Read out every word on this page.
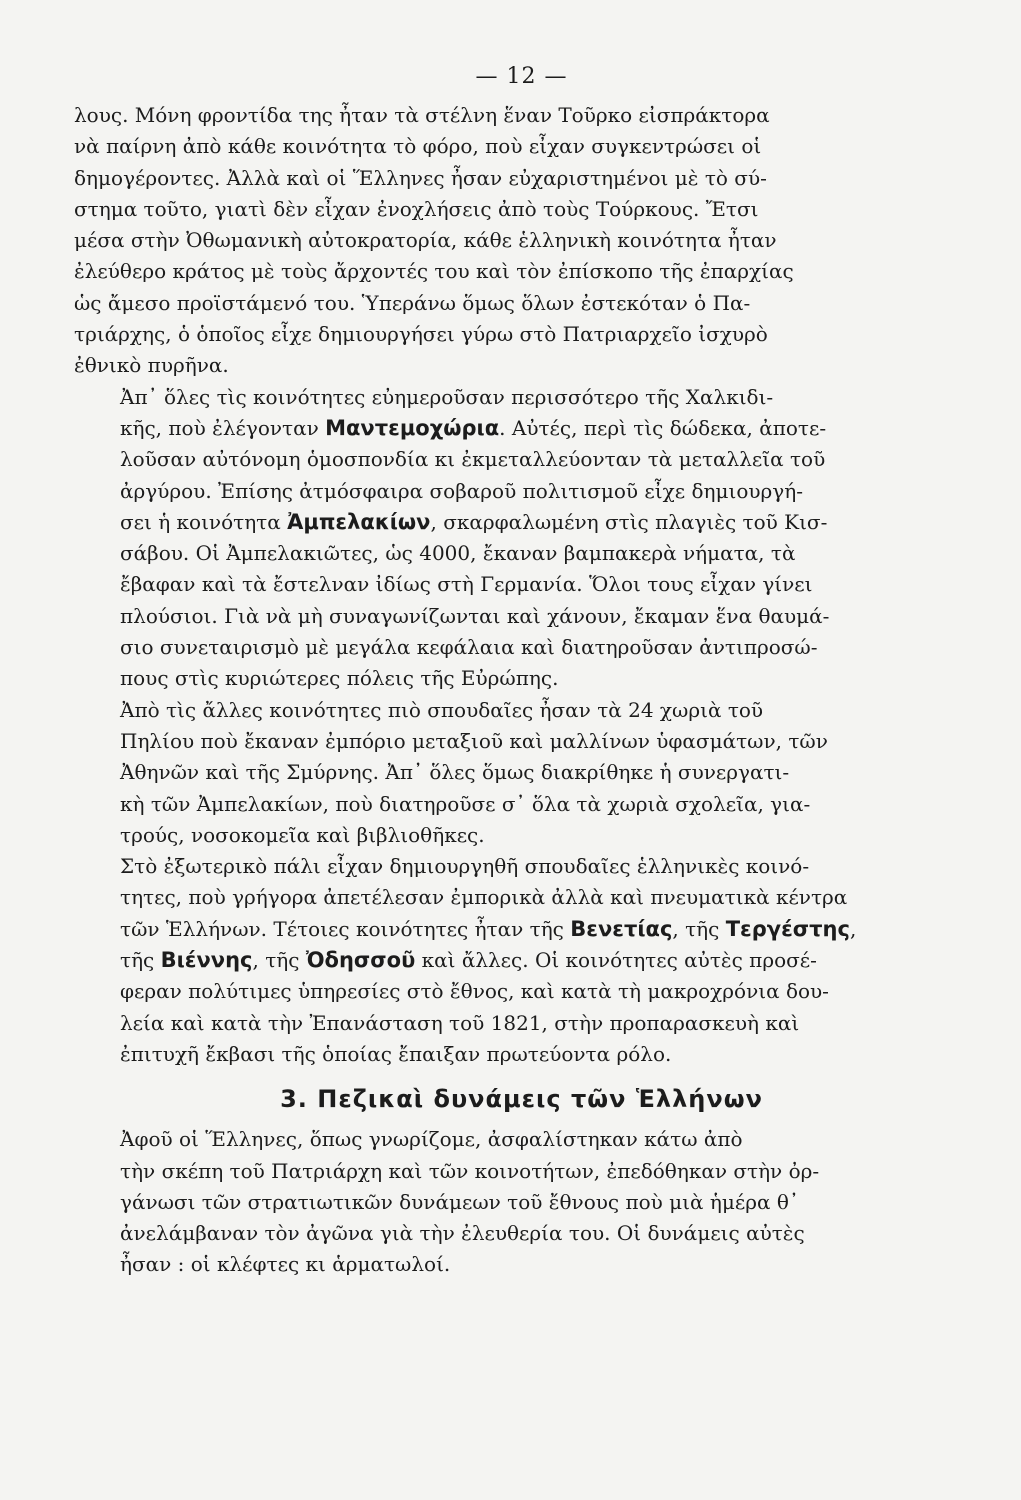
— 12 —

λους. Μόνη φροντίδα της ἦταν τὰ στέλνη ἕναν Τοῦρκο εἰσπράκτορα
νὰ παίρνη ἀπὸ κάθε κοινότητα τὸ φόρο, ποὺ εἶχαν συγκεντρώσει οἱ
δημογέροντες. Ἀλλὰ καὶ οἱ Ἕλληνες ἦσαν εὐχαριστημένοι μὲ τὸ σύ-
στημα τοῦτο, γιατὶ δὲν εἶχαν ἐνοχλήσεις ἀπὸ τοὺς Τούρκους. Ἔτσι
μέσα στὴν Ὀθωμανικὴ αὐτοκρατορία, κάθε ἑλληνικὴ κοινότητα ἦταν
ἐλεύθερο κράτος μὲ τοὺς ἄρχοντές του καὶ τὸν ἐπίσκοπο τῆς ἐπαρχίας
ὡς ἄμεσο προϊστάμενό του. Ὑπεράνω ὅμως ὅλων ἐστεκόταν ὁ Πα-
τριάρχης, ὁ ὁποῖος εἶχε δημιουργήσει γύρω στὸ Πατριαρχεῖο ἰσχυρὸ
ἐθνικὸ πυρῆνα.

Ἀπ᾽ ὅλες τὶς κοινότητες εὐημεροῦσαν περισσότερο τῆς Χαλκιδι-
κῆς, ποὺ ἐλέγονταν Μαντεμοχώρια. Αὐτές, περὶ τὶς δώδεκα, ἀποτε-
λοῦσαν αὐτόνομη ὁμοσπονδία κι ἐκμεταλλεύονταν τὰ μεταλλεῖα τοῦ
ἀργύρου. Ἐπίσης ἀτμόσφαιρα σοβαροῦ πολιτισμοῦ εἶχε δημιουργή-
σει ἡ κοινότητα Ἀμπελακίων, σκαρφαλωμένη στὶς πλαγιὲς τοῦ Κισ-
σάβου. Οἱ Ἀμπελακιῶτες, ὡς 4000, ἔκαναν βαμπακερὰ νήματα, τὰ
ἔβαφαν καὶ τὰ ἔστελναν ἰδίως στὴ Γερμανία. Ὅλοι τους εἶχαν γίνει
πλούσιοι. Γιὰ νὰ μὴ συναγωνίζωνται καὶ χάνουν, ἔκαμαν ἕνα θαυμά-
σιο συνεταιρισμὸ μὲ μεγάλα κεφάλαια καὶ διατηροῦσαν ἀντιπροσώ-
πους στὶς κυριώτερες πόλεις τῆς Εὐρώπης.

Ἀπὸ τὶς ἄλλες κοινότητες πιὸ σπουδαῖες ἦσαν τὰ 24 χωριὰ τοῦ
Πηλίου ποὺ ἔκαναν ἐμπόριο μεταξιοῦ καὶ μαλλίνων ὑφασμάτων, τῶν
Ἀθηνῶν καὶ τῆς Σμύρνης. Ἀπ᾽ ὅλες ὅμως διακρίθηκε ἡ συνεργατι-
κὴ τῶν Ἀμπελακίων, ποὺ διατηροῦσε σ᾽ ὅλα τὰ χωριὰ σχολεῖα, για-
τρούς, νοσοκομεῖα καὶ βιβλιοθῆκες.

Στὸ ἐξωτερικὸ πάλι εἶχαν δημιουργηθῆ σπουδαῖες ἑλληνικὲς κοινό-
τητες, ποὺ γρήγορα ἀπετέλεσαν ἐμπορικὰ ἀλλὰ καὶ πνευματικὰ κέντρα
τῶν Ἑλλήνων. Τέτοιες κοινότητες ἦταν τῆς Βενετίας, τῆς Τεργέστης,
τῆς Βιέννης, τῆς Ὀδησσοῦ καὶ ἄλλες. Οἱ κοινότητες αὐτὲς προσέ-
φεραν πολύτιμες ὑπηρεσίες στὸ ἔθνος, καὶ κατὰ τὴ μακροχρόνια δου-
λεία καὶ κατὰ τὴν Ἐπανάσταση τοῦ 1821, στὴν προπαρασκευὴ καὶ
ἐπιτυχῆ ἔκβασι τῆς ὁποίας ἔπαιξαν πρωτεύοντα ρόλο.

3. Πεζικαὶ δυνάμεις τῶν Ἑλλήνων

Ἀφοῦ οἱ Ἕλληνες, ὅπως γνωρίζομε, ἀσφαλίστηκαν κάτω ἀπὸ
τὴν σκέπη τοῦ Πατριάρχη καὶ τῶν κοινοτήτων, ἐπεδόθηκαν στὴν ὀρ-
γάνωσι τῶν στρατιωτικῶν δυνάμεων τοῦ ἔθνους ποὺ μιὰ ἡμέρα θ᾽
ἀνελάμβαναν τὸν ἀγῶνα γιὰ τὴν ἐλευθερία του. Οἱ δυνάμεις αὐτὲς
ἦσαν : οἱ κλέφτες κι ἁρματωλοί.
